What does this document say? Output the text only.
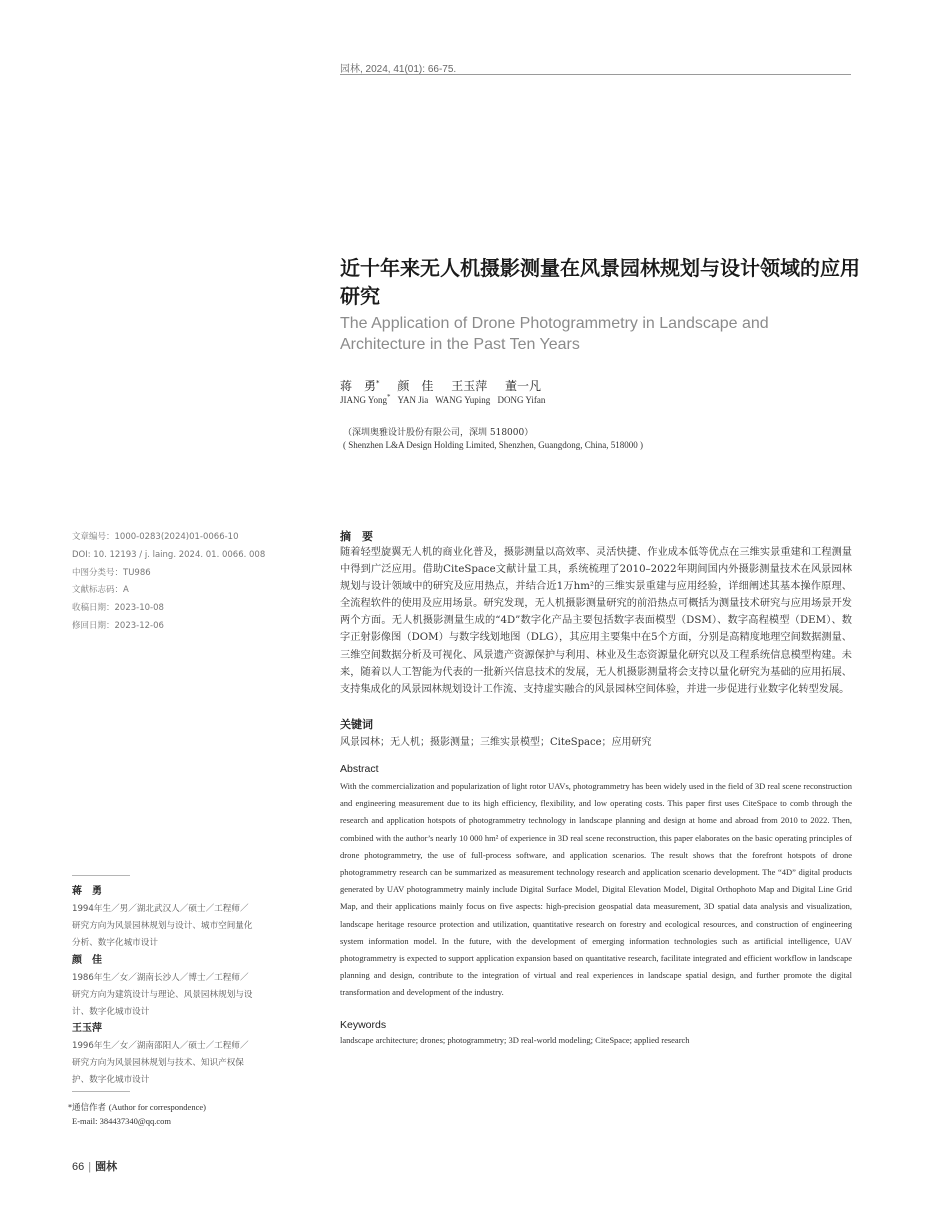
园林, 2024, 41(01): 66-75.
近十年来无人机摄影测量在风景园林规划与设计领域的应用研究
The Application of Drone Photogrammetry in Landscape and Architecture in the Past Ten Years
蒋　勇* 颜　佳 王玉萍 董一凡
JIANG Yong* YAN Jia WANG Yuping DONG Yifan
（深圳奥雅设计股份有限公司，深圳 518000）
( Shenzhen L&A Design Holding Limited, Shenzhen, Guangdong, China, 518000 )
文章编号：1000-0283(2024)01-0066-10
DOI: 10. 12193 / j. laing. 2024. 01. 0066. 008
中图分类号：TU986
文献标志码：A
收稿日期：2023-10-08
修回日期：2023-12-06
摘　要
随着轻型旋翼无人机的商业化普及，摄影测量以高效率、灵活快捷、作业成本低等优点在三维实景重建和工程测量中得到广泛应用。借助CiteSpace文献计量工具，系统梳理了2010–2022年期间国内外摄影测量技术在风景园林规划与设计领域中的研究及应用热点，并结合近1万hm²的三维实景重建与应用经验，详细阐述其基本操作原理、全流程软件的使用及应用场景。研究发现，无人机摄影测量研究的前沿热点可概括为测量技术研究与应用场景开发两个方面。无人机摄影测量生成的“4D”数字化产品主要包括数字表面模型（DSM）、数字高程模型（DEM）、数字正射影像图（DOM）与数字线划地图（DLG），其应用主要集中在5个方面，分别是高精度地理空间数据测量、三维空间数据分析及可视化、风景遗产资源保护与利用、林业及生态资源量化研究以及工程系统信息模型构建。未来，随着以人工智能为代表的一批新兴信息技术的发展，无人机摄影测量将会支持以量化研究为基础的应用拓展、支持集成化的风景园林规划设计工作流、支持虚实融合的风景园林空间体验，并进一步促进行业数字化转型发展。
关键词
风景园林；无人机；摄影测量；三维实景模型；CiteSpace；应用研究
Abstract
With the commercialization and popularization of light rotor UAVs, photogrammetry has been widely used in the field of 3D real scene reconstruction and engineering measurement due to its high efficiency, flexibility, and low operating costs. This paper first uses CiteSpace to comb through the research and application hotspots of photogrammetry technology in landscape planning and design at home and abroad from 2010 to 2022. Then, combined with the author’s nearly 10 000 hm² of experience in 3D real scene reconstruction, this paper elaborates on the basic operating principles of drone photogrammetry, the use of full-process software, and application scenarios. The result shows that the forefront hotspots of drone photogrammetry research can be summarized as measurement technology research and application scenario development. The “4D” digital products generated by UAV photogrammetry mainly include Digital Surface Model, Digital Elevation Model, Digital Orthophoto Map and Digital Line Grid Map, and their applications mainly focus on five aspects: high-precision geospatial data measurement, 3D spatial data analysis and visualization, landscape heritage resource protection and utilization, quantitative research on forestry and ecological resources, and construction of engineering system information model. In the future, with the development of emerging information technologies such as artificial intelligence, UAV photogrammetry is expected to support application expansion based on quantitative research, facilitate integrated and efficient workflow in landscape planning and design, contribute to the integration of virtual and real experiences in landscape spatial design, and further promote the digital transformation and development of the industry.
Keywords
landscape architecture; drones; photogrammetry; 3D real-world modeling; CiteSpace; applied research
蒋　勇
1994年生／男／湖北武汉人／硕士／工程师／研究方向为风景园林规划与设计、城市空间量化分析、数字化城市设计
颜　佳
1986年生／女／湖南长沙人／博士／工程师／研究方向为建筑设计与理论、风景园林规划与设计、数字化城市设计
王玉萍
1996年生／女／湖南邵阳人／硕士／工程师／研究方向为风景园林规划与技术、知识产权保护、数字化城市设计
*通信作者 (Author for correspondence)
E-mail: 384437340@qq.com
66 | 園林
